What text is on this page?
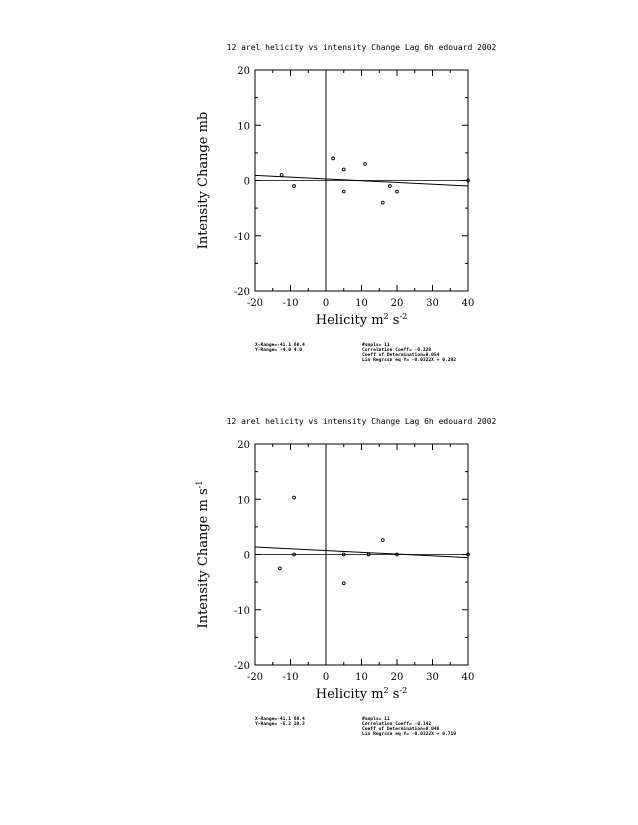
12 arel helicity vs intensity Change Lag 6h edouard 2002
-20 -10 0	10 20 30 40
20
10
0
-10
-20
Helicity $m^2$ $s^{-2}$
Intensity Change mb
X-Range=-41.1 68.4
Y-Range= -4.0 4.0
#smpls= 11
Correlation Coeff= -0.228
Coeff of Determination=0.054
Lin Regrssn eq Y= -0.0322X + 0.292
12 arel helicity vs intensity Change Lag 6h edouard 2002
-20 -10 0	10 20 30 40
20
10
0
-10
-20
Helicity $m^2$ $s^{-2}$
Intensity Change m $s^{-1}$
X-Range=-41.1 68.4
Y-Range= -5.2 10.3
#smpls= 11
Correlation Coeff= -0.142
Coeff of Determination=0.048
Lin Regrssn eq Y= -0.0322X + 0.719
